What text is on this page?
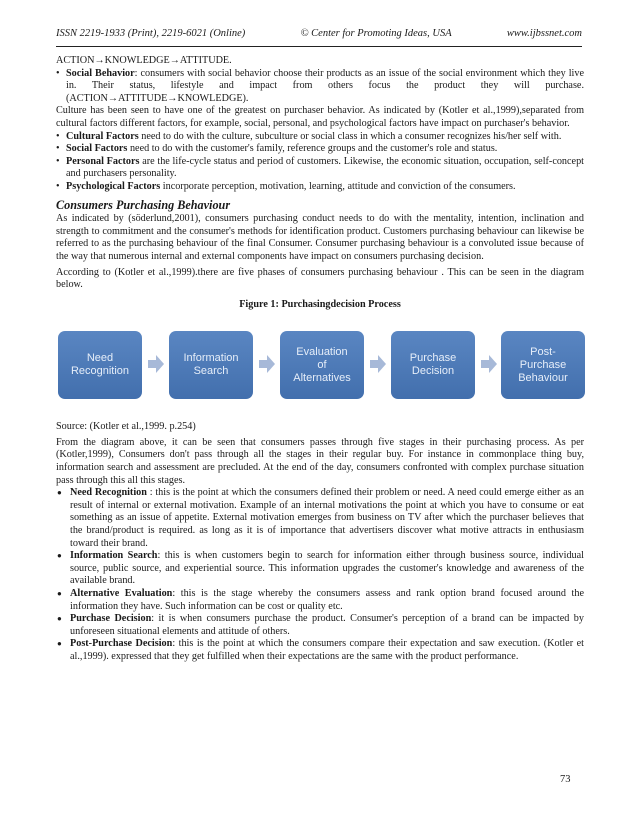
ISSN 2219-1933 (Print), 2219-6021 (Online)	© Center for Promoting Ideas, USA	www.ijbssnet.com

ACTION→KNOWLEDGE→ATTITUDE.

• Social Behavior: consumers with social behavior choose their products as an issue of the social environment which they live in. Their status, lifestyle and impact from others focus the product they will purchase. (ACTION→ATTITUDE→KNOWLEDGE).

Culture has been seen to have one of the greatest on purchaser behavior. As indicated by (Kotler et al.,1999),separated from cultural factors different factors, for example, social, personal, and psychological factors have impact on purchaser's behavior.

• Cultural Factors need to do with the culture, subculture or social class in which a consumer recognizes his/her self with.
• Social Factors need to do with the customer's family, reference groups and the customer's role and status.
• Personal Factors are the life-cycle status and period of customers. Likewise, the economic situation, occupation, self-concept and purchasers personality.
• Psychological Factors incorporate perception, motivation, learning, attitude and conviction of the consumers.
Consumers Purchasing Behaviour

As indicated by (söderlund,2001), consumers purchasing conduct needs to do with the mentality, intention, inclination and strength to commitment and the consumer's methods for identification product. Customers purchasing behaviour can likewise be referred to as the purchasing behaviour of the final Consumer. Consumer purchasing behaviour is a convoluted issue because of the way that numerous internal and external components have impact on consumers purchasing decision.

According to (Kotler et al.,1999).there are five phases of consumers purchasing behaviour . This can be seen in the diagram below.

Figure 1: Purchasingdecision Process
Need
Recognition
Information
Search
Evaluation
of
Alternatives
Purchase
Decision
Post-
Purchase
Behaviour

Source: (Kotler et al.,1999. p.254)

From the diagram above, it can be seen that consumers passes through five stages in their purchasing process. As per (Kotler,1999), Consumers don't pass through all the stages in their regular buy. For instance in commonplace thing buy, information search and assessment are precluded. At the end of the day, consumers confronted with complex purchase situation pass through this all this stages.

● Need Recognition : this is the point at which the consumers defined their problem or need. A need could emerge either as an result of internal or external motivation. Example of an internal motivations the point at which you have to consume or eat something as an issue of appetite. External motivation emerges from business on TV after which the purchaser believes that the brand/product is required. as long as it is of importance that advertisers discover what motive attracts in enthusiasm toward their brand.
● Information Search: this is when customers begin to search for information either through business source, individual source, public source, and experiential source. This information upgrades the customer's knowledge and awareness of the available brand.
● Alternative Evaluation: this is the stage whereby the consumers assess and rank option brand focused around the information they have. Such information can be cost or quality etc.
● Purchase Decision: it is when consumers purchase the product. Consumer's perception of a brand can be impacted by unforeseen situational elements and attitude of others.
● Post-Purchase Decision: this is the point at which the consumers compare their expectation and saw execution. (Kotler et al.,1999). expressed that they get fulfilled when their expectations are the same with the product performance.
73
